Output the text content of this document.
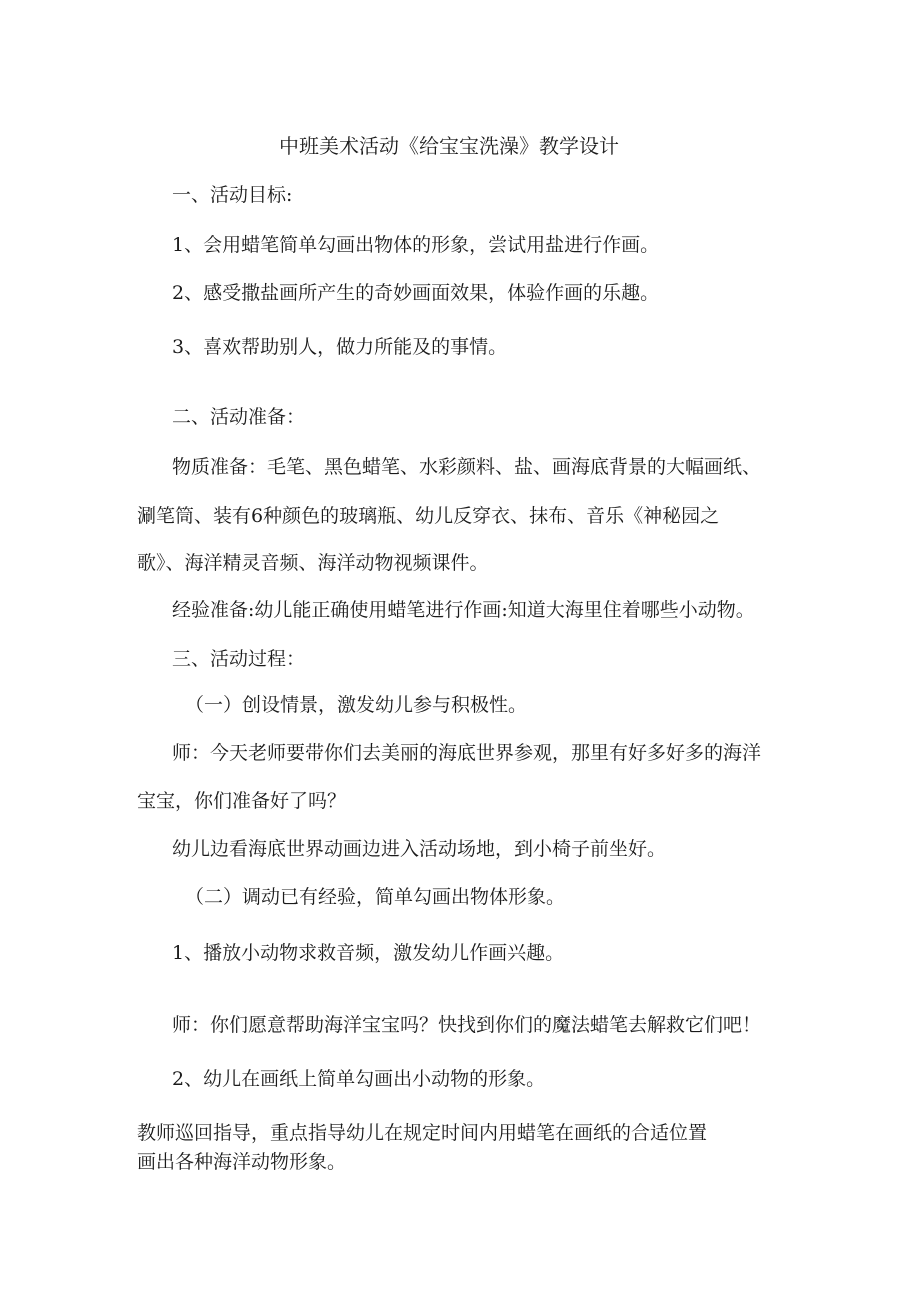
中班美术活动《给宝宝洗澡》教学设计
一、活动目标:
1、会用蜡笔简单勾画出物体的形象，尝试用盐进行作画。
2、感受撒盐画所产生的奇妙画面效果，体验作画的乐趣。
3、喜欢帮助别人，做力所能及的事情。
二、活动准备：
物质准备：毛笔、黑色蜡笔、水彩颜料、盐、画海底背景的大幅画纸、
涮笔筒、装有6种颜色的玻璃瓶、幼儿反穿衣、抹布、音乐《神秘园之
歌》、海洋精灵音频、海洋动物视频课件。
经验准备:幼儿能正确使用蜡笔进行作画:知道大海里住着哪些小动物。
三、活动过程：
（一）创设情景，激发幼儿参与积极性。
师：今天老师要带你们去美丽的海底世界参观，那里有好多好多的海洋
宝宝，你们准备好了吗？
幼儿边看海底世界动画边进入活动场地，到小椅子前坐好。
（二）调动已有经验，简单勾画出物体形象。
1、播放小动物求救音频，激发幼儿作画兴趣。
师：你们愿意帮助海洋宝宝吗？快找到你们的魔法蜡笔去解救它们吧！
2、幼儿在画纸上简单勾画出小动物的形象。
教师巡回指导，重点指导幼儿在规定时间内用蜡笔在画纸的合适位置
画出各种海洋动物形象。
